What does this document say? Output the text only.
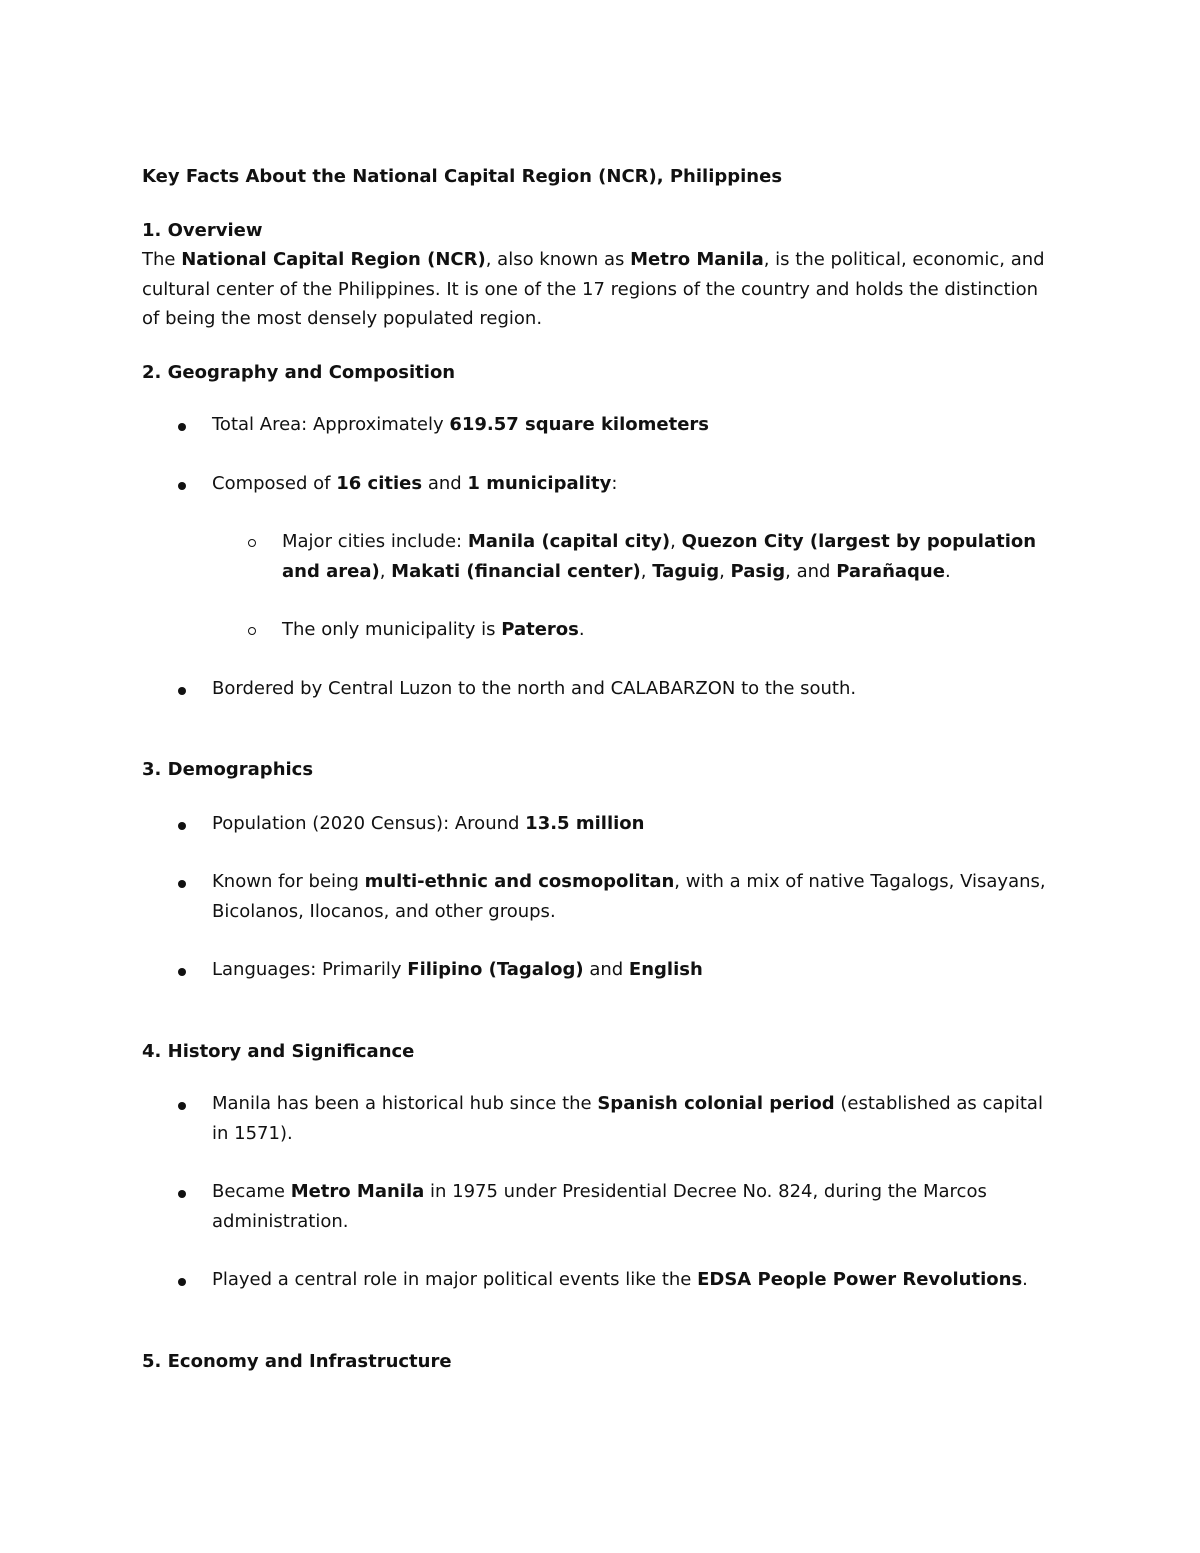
Key Facts About the National Capital Region (NCR), Philippines

1. Overview

The National Capital Region (NCR), also known as Metro Manila, is the political, economic, and cultural center of the Philippines. It is one of the 17 regions of the country and holds the distinction of being the most densely populated region.

2. Geography and Composition

Total Area: Approximately 619.57 square kilometers
Composed of 16 cities and 1 municipality:
Major cities include: Manila (capital city), Quezon City (largest by population and area), Makati (financial center), Taguig, Pasig, and Parañaque.
The only municipality is Pateros.
Bordered by Central Luzon to the north and CALABARZON to the south.

3. Demographics

Population (2020 Census): Around 13.5 million
Known for being multi-ethnic and cosmopolitan, with a mix of native Tagalogs, Visayans, Bicolanos, Ilocanos, and other groups.
Languages: Primarily Filipino (Tagalog) and English

4. History and Significance

Manila has been a historical hub since the Spanish colonial period (established as capital in 1571).
Became Metro Manila in 1975 under Presidential Decree No. 824, during the Marcos administration.
Played a central role in major political events like the EDSA People Power Revolutions.

5. Economy and Infrastructure
